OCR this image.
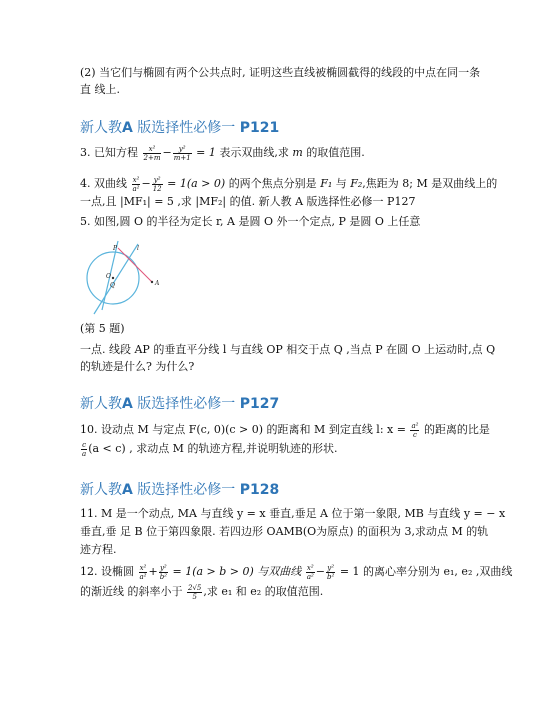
(2) 当它们与椭圆有两个公共点时, 证明这些直线被椭圆截得的线段的中点在同一条

直 线上.

新人教A 版选择性必修一 P121

3. 已知方程 $\frac{\text{x²}}{2+m} - \frac{\text{y²}}{m+1} = 1$ 表示双曲线,求 m 的取值范围.

4. 双曲线 $\frac{\text{x²}}{\text{a²}} - \frac{\text{y²}}{12} = 1(a > 0)$ 的两个焦点分别是 F₁ 与 F₂,焦距为 8; M 是双曲线上的

一点,且 |MF₁| = 5 ,求 |MF₂| 的值. 新人教 A 版选择性必修一 P127

5. 如图,圆 O 的半径为定长 r, A 是圆 O 外一个定点, P 是圆 O 上任意

P	l
O
Q	A

(第 5 题)

一点. 线段 AP 的垂直平分线 l 与直线 OP 相交于点 Q ,当点 P 在圆 O 上运动时,点 Q

的轨迹是什么? 为什么?

新人教A 版选择性必修一 P127

10. 设动点 M 与定点 F(c, 0)(c > 0) 的距离和 M 到定直线 l: $x = \frac{\text{a²}}{c}$ 的距离的比是

$\frac{c}{a} (a < c)$ , 求动点 M 的轨迹方程,并说明轨迹的形状.

新人教A 版选择性必修一 P128

11. M 是一个动点, MA 与直线 y = x 垂直,垂足 A 位于第一象限, MB 与直线 y = − x

垂直,垂 足 B 位于第四象限. 若四边形 OAMB(O为原点) 的面积为 3,求动点 M 的轨

迹方程.

12. 设椭圆 $\frac{\text{x²}}{\text{a²}} + \frac{\text{y²}}{\text{b²}} = 1(a > b > 0)$ 与双曲线 $\frac{\text{x²}}{\text{a²}} - \frac{\text{y²}}{\text{b²}} = 1$ 的离心率分别为 e₁, e₂ ,双曲线

的渐近线 的斜率小于 $\frac{2√5}{5}$ ,求 e₁ 和 e₂ 的取值范围.
